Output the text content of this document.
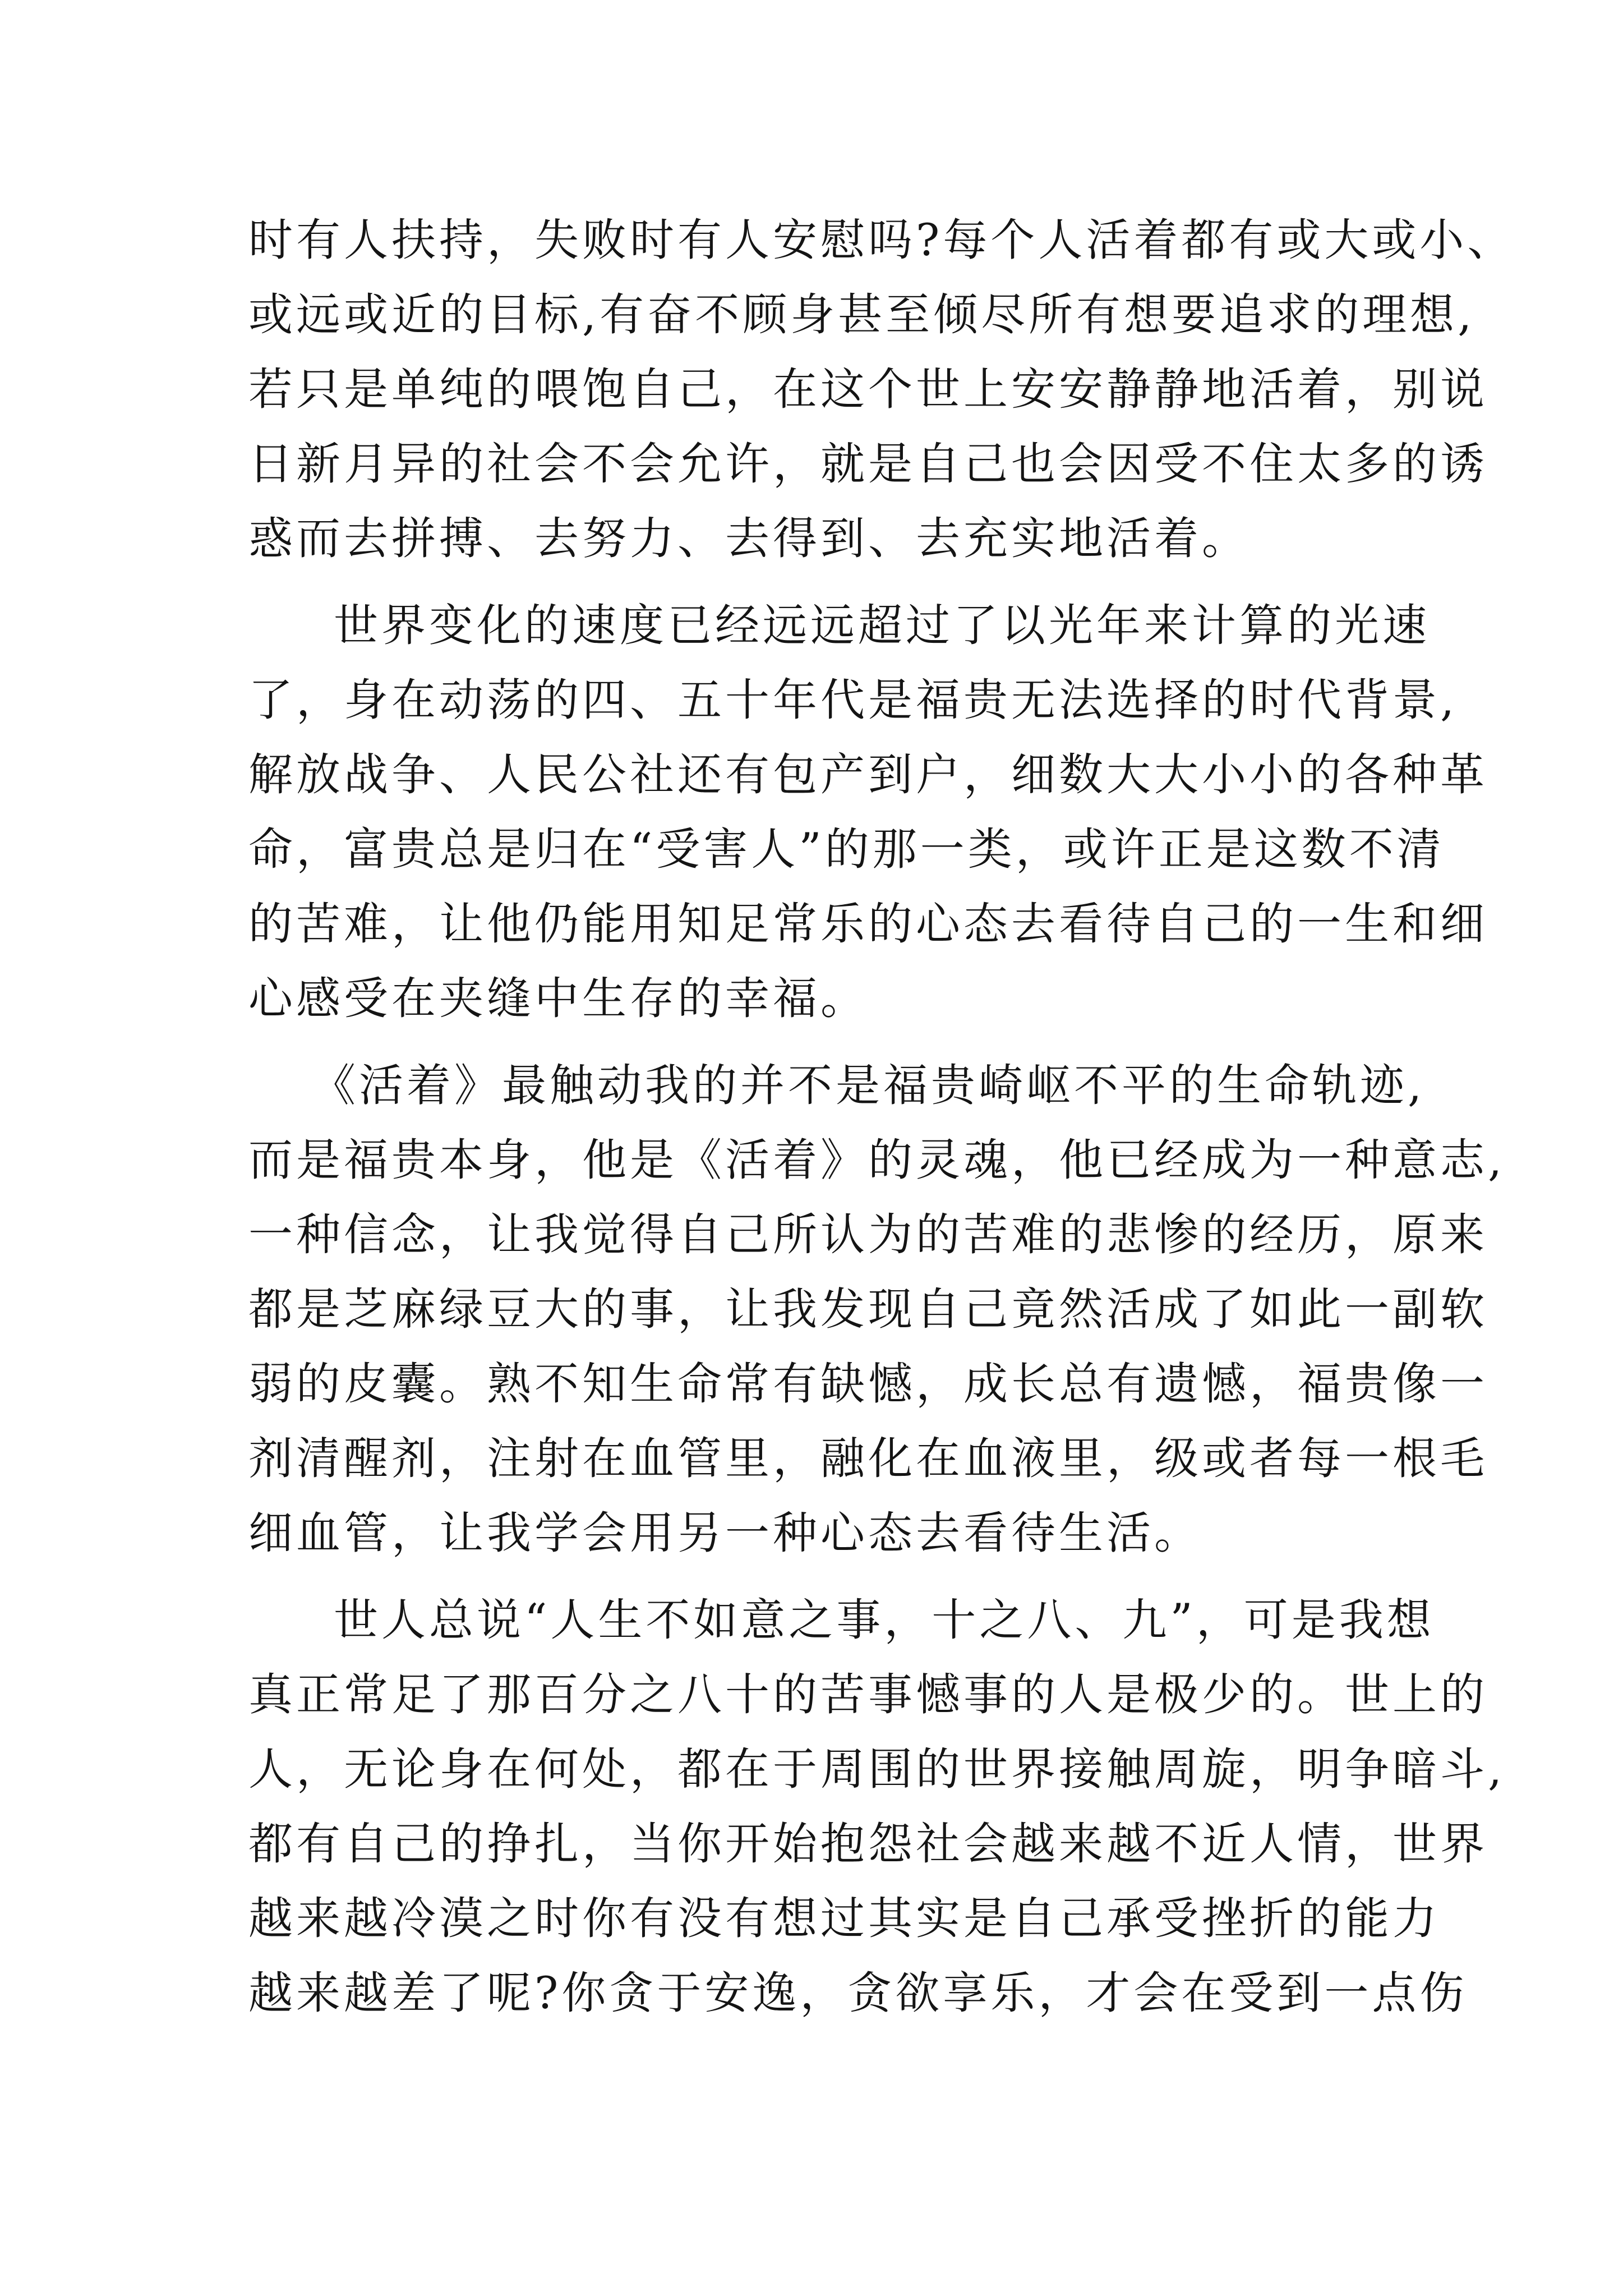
时有人扶持，失败时有人安慰吗?每个人活着都有或大或小、
或远或近的目标,有奋不顾身甚至倾尽所有想要追求的理想,
若只是单纯的喂饱自己，在这个世上安安静静地活着，别说
日新月异的社会不会允许，就是自己也会因受不住太多的诱
惑而去拼搏、去努力、去得到、去充实地活着。
世界变化的速度已经远远超过了以光年来计算的光速
了，身在动荡的四、五十年代是福贵无法选择的时代背景,
解放战争、人民公社还有包产到户，细数大大小小的各种革
命，富贵总是归在“受害人”的那一类，或许正是这数不清
的苦难，让他仍能用知足常乐的心态去看待自己的一生和细
心感受在夹缝中生存的幸福。
《活着》最触动我的并不是福贵崎岖不平的生命轨迹,
而是福贵本身，他是《活着》的灵魂，他已经成为一种意志,
一种信念，让我觉得自己所认为的苦难的悲惨的经历，原来
都是芝麻绿豆大的事，让我发现自己竟然活成了如此一副软
弱的皮囊。熟不知生命常有缺憾，成长总有遗憾，福贵像一
剂清醒剂，注射在血管里，融化在血液里，级或者每一根毛
细血管，让我学会用另一种心态去看待生活。
世人总说“人生不如意之事，十之八、九”，可是我想
真正常足了那百分之八十的苦事憾事的人是极少的。世上的
人，无论身在何处，都在于周围的世界接触周旋，明争暗斗,
都有自己的挣扎，当你开始抱怨社会越来越不近人情，世界
越来越冷漠之时你有没有想过其实是自己承受挫折的能力
越来越差了呢?你贪于安逸，贪欲享乐，才会在受到一点伤
